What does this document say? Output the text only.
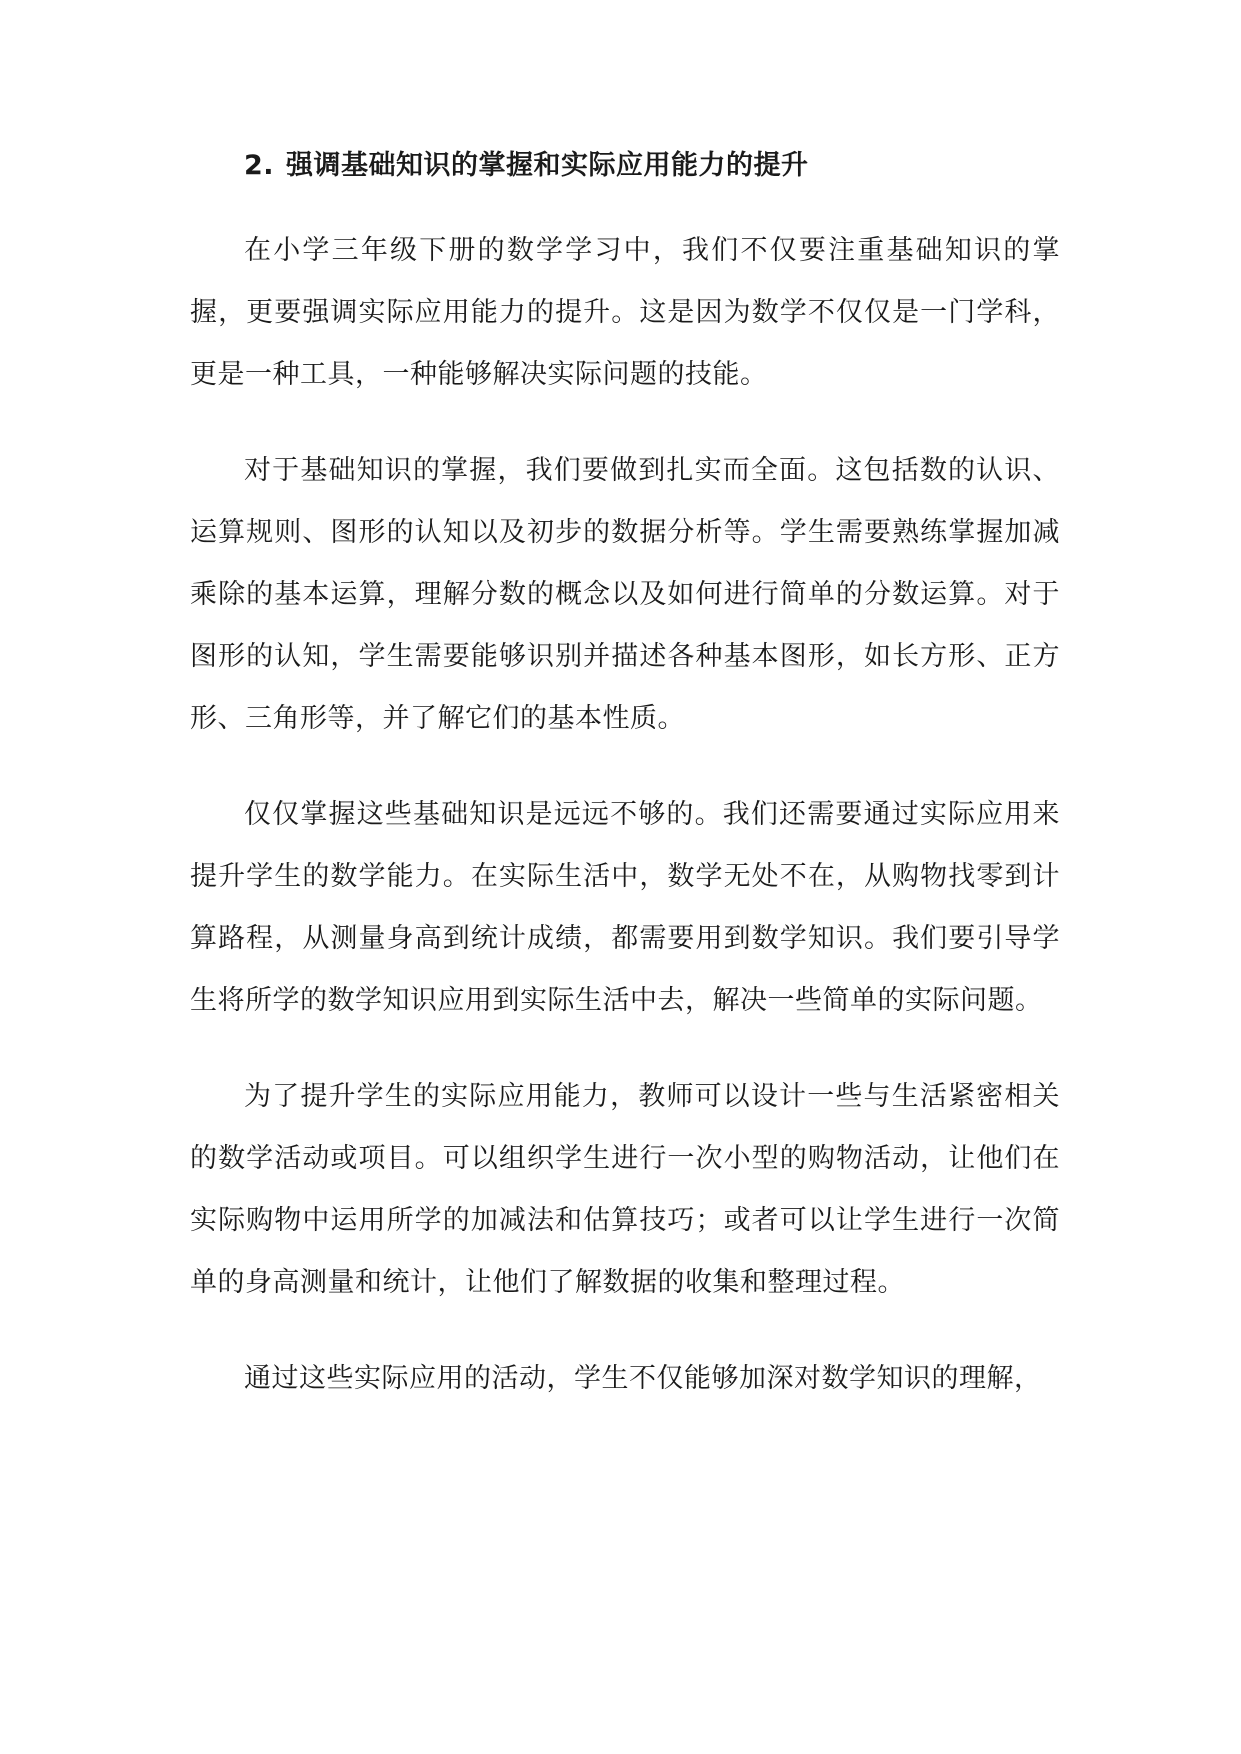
2. 强调基础知识的掌握和实际应用能力的提升

在小学三年级下册的数学学习中，我们不仅要注重基础知识的掌握，更要强调实际应用能力的提升。这是因为数学不仅仅是一门学科，更是一种工具，一种能够解决实际问题的技能。

对于基础知识的掌握，我们要做到扎实而全面。这包括数的认识、运算规则、图形的认知以及初步的数据分析等。学生需要熟练掌握加减乘除的基本运算，理解分数的概念以及如何进行简单的分数运算。对于图形的认知，学生需要能够识别并描述各种基本图形，如长方形、正方形、三角形等，并了解它们的基本性质。

仅仅掌握这些基础知识是远远不够的。我们还需要通过实际应用来提升学生的数学能力。在实际生活中，数学无处不在，从购物找零到计算路程，从测量身高到统计成绩，都需要用到数学知识。我们要引导学生将所学的数学知识应用到实际生活中去，解决一些简单的实际问题。

为了提升学生的实际应用能力，教师可以设计一些与生活紧密相关的数学活动或项目。可以组织学生进行一次小型的购物活动，让他们在实际购物中运用所学的加减法和估算技巧；或者可以让学生进行一次简单的身高测量和统计，让他们了解数据的收集和整理过程。

通过这些实际应用的活动，学生不仅能够加深对数学知识的理解，
